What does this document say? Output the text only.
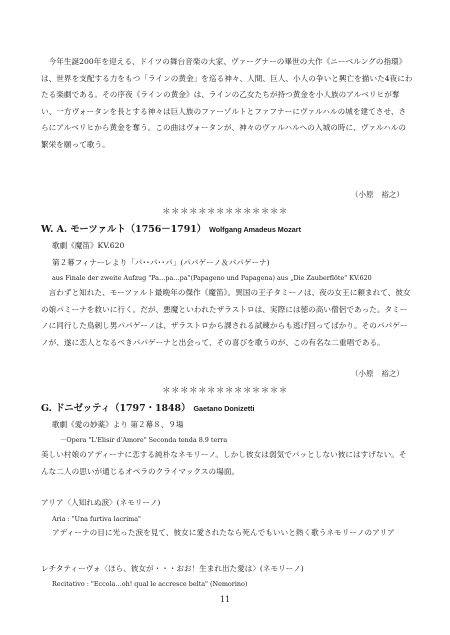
今年生誕200年を迎える、ドイツの舞台音楽の大家、ヴァーグナーの畢世の大作《ニーベルングの指環》は、世界を支配する力をもつ「ラインの黄金」を巡る神々、人間、巨人、小人の争いと興亡を描いた4夜にわたる楽劇である。その序夜《ラインの黄金》は、ラインの乙女たちが持つ黄金を小人族のアルベリヒが奪い、一方ヴォータンを長とする神々は巨人族のファーゾルトとファフナーにヴァルハルの城を建てさせ、さらにアルベリヒから黄金を奪う。この曲はヴォータンが、神々のヴァルハルへの入城の時に、ヴァルハルの繁栄を願って歌う。

（小原　裕之）

＊＊＊＊＊＊＊＊＊＊＊＊＊＊

W. A. モーツァルト（1756－1791） Wolfgang Amadeus Mozart

歌劇《魔笛》KV.620

第２幕フィナーレより「パ･･パ･･パ」(パパゲーノ＆パパゲーナ)

aus Finale der zweite Aufzug "Pa…pa…pa"(Papageno und Papagena) aus „Die Zauberflöte" KV.620

言わずと知れた、モーツァルト最晩年の傑作《魔笛》。異国の王子タミーノは、夜の女王に頼まれて、彼女の娘パミーナを救いに行く。だが、悪魔といわれたザラストロは、実際には徳の高い僧侶であった。タミーノに同行した鳥刺し男パパゲーノは、ザラストロから課される試練からも逃げ回ってばかり。そのパパゲーノが、遂に恋人となるべきパパゲーナと出会って、その喜びを歌うのが、この有名な二重唱である。

（小原　裕之）

＊＊＊＊＊＊＊＊＊＊＊＊＊＊

G. ドニゼッティ（1797・1848） Gaetano Donizetti

歌劇《愛の妙薬》より 第２幕８、９場

－Opera "L'Elisir d'Amore" Seconda tenda 8.9 terra

美しい村娘のアディーナに恋する純朴なネモリーノ。しかし彼女は弱気でパッとしない彼にはすげない。そんな二人の思いが通じるオペラのクライマックスの場面。

アリア〈人知れぬ涙〉(ネモリーノ)

Aria : "Una furtiva lacrima"

アディーナの目に光った涙を見て、彼女に愛されたなら死んでもいいと熱く歌うネモリーノのアリア

レチタティーヴォ〈ほら、彼女が・・・おお！生まれ出た愛は〉(ネモリーノ)

Recitativo : "Eccola…oh! qual le accresce belta" (Nemorino)

11
